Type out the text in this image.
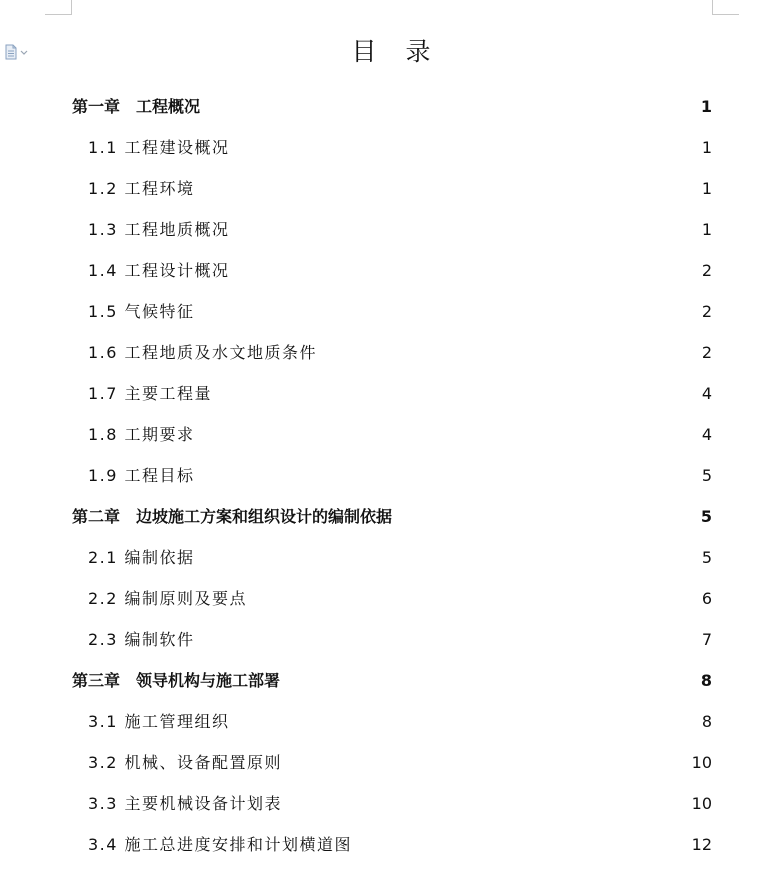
目　录
第一章　工程概况	1
1.1 工程建设概况	1
1.2 工程环境	1
1.3 工程地质概况	1
1.4 工程设计概况	2
1.5 气候特征	2
1.6 工程地质及水文地质条件	2
1.7 主要工程量	4
1.8 工期要求	4
1.9 工程目标	5
第二章　边坡施工方案和组织设计的编制依据	5
2.1 编制依据	5
2.2 编制原则及要点	6
2.3 编制软件	7
第三章　领导机构与施工部署	8
3.1 施工管理组织	8
3.2 机械、设备配置原则	10
3.3 主要机械设备计划表	10
3.4 施工总进度安排和计划横道图	12
